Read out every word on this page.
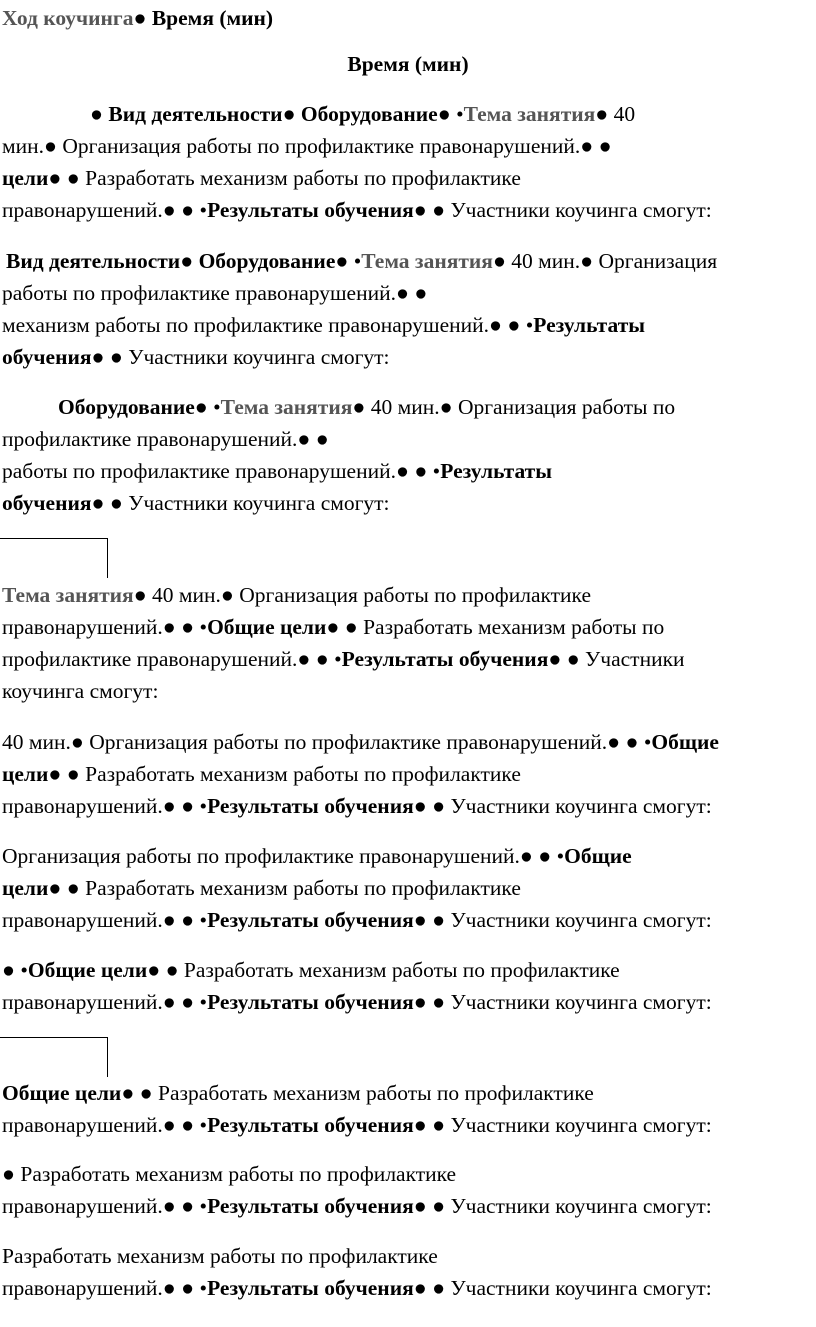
Ход коучинга● Время (мин)
Время (мин)
● Вид деятельности● Оборудование● •Тема занятия● 40
мин.● Организация работы по профилактике правонарушений.● ●
цели● ● Разработать механизм работы по профилактике
правонарушений.● ● •Результаты обучения● ● Участники коучинга смогут:
Вид деятельности● Оборудование● •Тема занятия● 40 мин.● Организация
работы по профилактике правонарушений.● ●
механизм работы по профилактике правонарушений.● ● •Результаты
обучения● ● Участники коучинга смогут:
Оборудование● •Тема занятия● 40 мин.● Организация работы по
профилактике правонарушений.● ●
работы по профилактике правонарушений.● ● •Результаты
обучения● ● Участники коучинга смогут:
Тема занятия● 40 мин.● Организация работы по профилактике
правонарушений.● ● •Общие цели● ● Разработать механизм работы по
профилактике правонарушений.● ● •Результаты обучения● ● Участники
коучинга смогут:
40 мин.● Организация работы по профилактике правонарушений.● ● •Общие
цели● ● Разработать механизм работы по профилактике
правонарушений.● ● •Результаты обучения● ● Участники коучинга смогут:
Организация работы по профилактике правонарушений.● ● •Общие
цели● ● Разработать механизм работы по профилактике
правонарушений.● ● •Результаты обучения● ● Участники коучинга смогут:
● •Общие цели● ● Разработать механизм работы по профилактике
правонарушений.● ● •Результаты обучения● ● Участники коучинга смогут:
Общие цели● ● Разработать механизм работы по профилактике
правонарушений.● ● •Результаты обучения● ● Участники коучинга смогут:
● Разработать механизм работы по профилактике
правонарушений.● ● •Результаты обучения● ● Участники коучинга смогут:
Разработать механизм работы по профилактике
правонарушений.● ● •Результаты обучения● ● Участники коучинга смогут:
